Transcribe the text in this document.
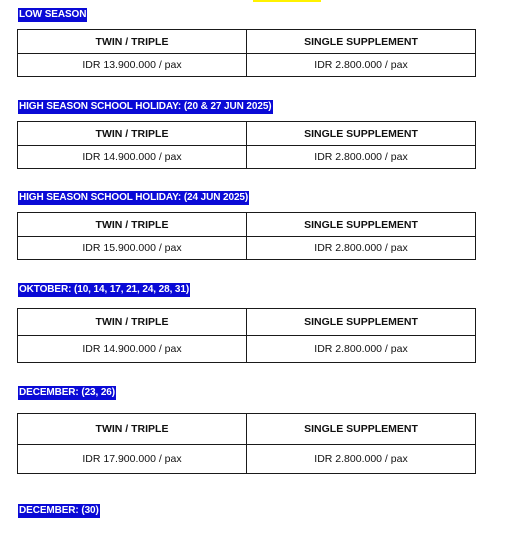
LOW SEASON
TWIN / TRIPLE	SINGLE SUPPLEMENT
IDR 13.900.000 / pax	IDR 2.800.000 / pax
HIGH SEASON SCHOOL HOLIDAY: (20 & 27 JUN 2025)
TWIN / TRIPLE	SINGLE SUPPLEMENT
IDR 14.900.000 / pax	IDR 2.800.000 / pax
HIGH SEASON SCHOOL HOLIDAY: (24 JUN 2025)
TWIN / TRIPLE	SINGLE SUPPLEMENT
IDR 15.900.000 / pax	IDR 2.800.000 / pax
OKTOBER: (10, 14, 17, 21, 24, 28, 31)
TWIN / TRIPLE	SINGLE SUPPLEMENT
IDR 14.900.000 / pax	IDR 2.800.000 / pax
DECEMBER: (23, 26)
TWIN / TRIPLE	SINGLE SUPPLEMENT
IDR 17.900.000 / pax	IDR 2.800.000 / pax
DECEMBER: (30)
